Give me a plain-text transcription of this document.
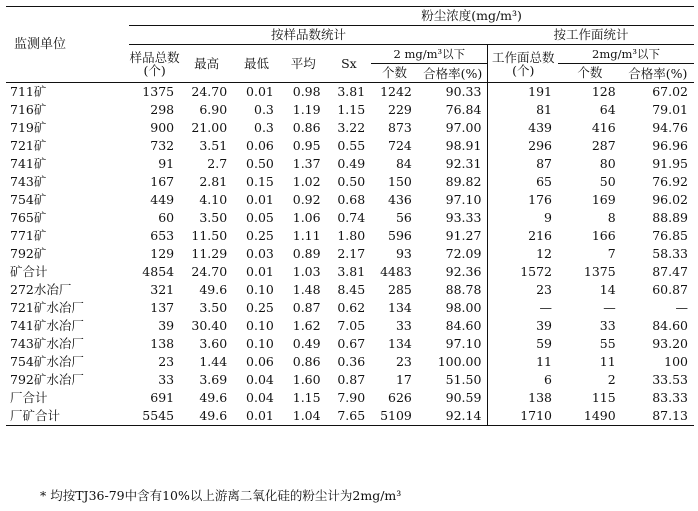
监测单位	粉尘浓度(mg/m³)									
	按样品数统计							按工作面统计		
	样品总数(个)	最高	最低	平均	Sx	2 mg/m³以下		工作面总数(个)	2mg/m³以下	
						个数	合格率(%)		个数	合格率(%)
711矿	1375	24.70	0.01	0.98	3.81	1242	90.33	191	128	67.02
716矿	298	6.90	0.3	1.19	1.15	229	76.84	81	64	79.01
719矿	900	21.00	0.3	0.86	3.22	873	97.00	439	416	94.76
721矿	732	3.51	0.06	0.95	0.55	724	98.91	296	287	96.96
741矿	91	2.7	0.50	1.37	0.49	84	92.31	87	80	91.95
743矿	167	2.81	0.15	1.02	0.50	150	89.82	65	50	76.92
754矿	449	4.10	0.01	0.92	0.68	436	97.10	176	169	96.02
765矿	60	3.50	0.05	1.06	0.74	56	93.33	9	8	88.89
771矿	653	11.50	0.25	1.11	1.80	596	91.27	216	166	76.85
792矿	129	11.29	0.03	0.89	2.17	93	72.09	12	7	58.33
矿合计	4854	24.70	0.01	1.03	3.81	4483	92.36	1572	1375	87.47
272水冶厂	321	49.6	0.10	1.48	8.45	285	88.78	23	14	60.87
721矿水冶厂	137	3.50	0.25	0.87	0.62	134	98.00	—	—	—
741矿水冶厂	39	30.40	0.10	1.62	7.05	33	84.60	39	33	84.60
743矿水冶厂	138	3.60	0.10	0.49	0.67	134	97.10	59	55	93.20
754矿水冶厂	23	1.44	0.06	0.86	0.36	23	100.00	11	11	100
792矿水冶厂	33	3.69	0.04	1.60	0.87	17	51.50	6	2	33.53
厂合计	691	49.6	0.04	1.15	7.90	626	90.59	138	115	83.33
厂矿合计	5545	49.6	0.01	1.04	7.65	5109	92.14	1710	1490	87.13
* 均按TJ36-79中含有10%以上游离二氧化硅的粉尘计为2mg/m³
